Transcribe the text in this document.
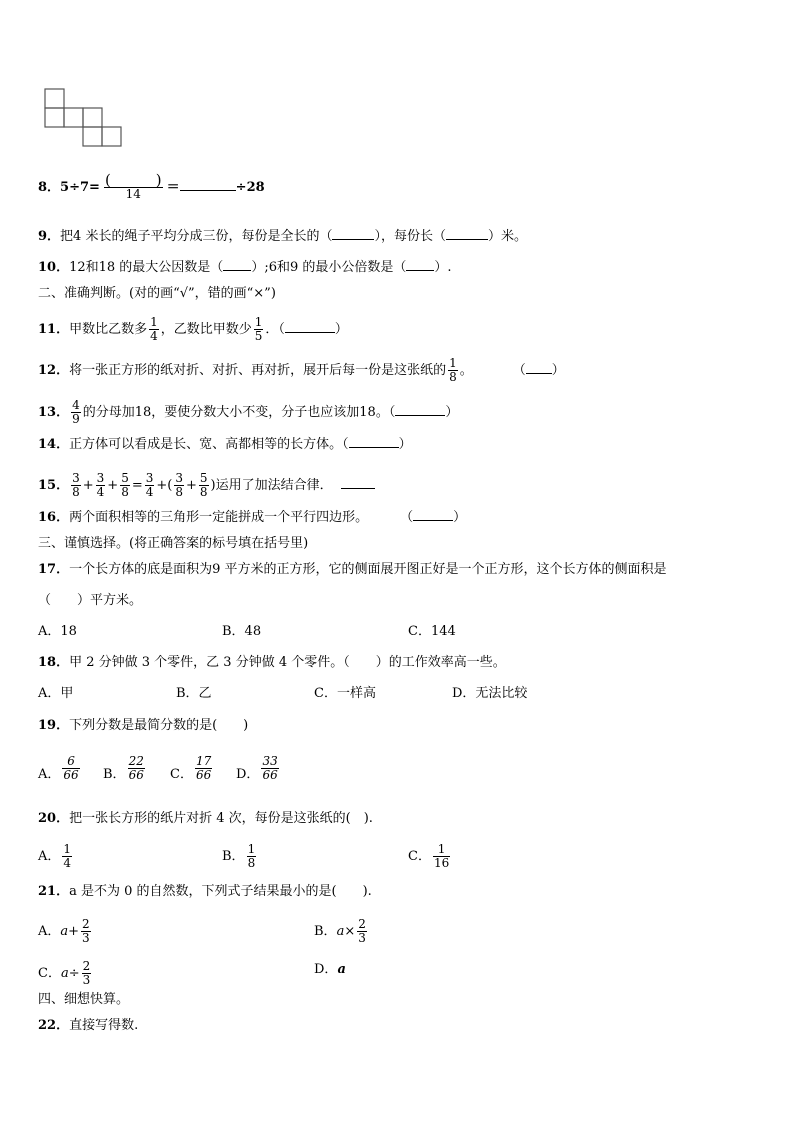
8．$5\div 7= \frac{( )}{14}$ ＝	÷28
9．把4 米长的绳子平均分成三份，每份是全长的（	），每份长（	）米。
10．12和18 的最大公因数是（ ）;6和9 的最小公倍数是（ ）.
二、准确判断。(对的画“√”，错的画“×”)
11．甲数比乙数多 $\frac{1}{4}$ ，乙数比甲数少 $\frac{1}{5}$ ．（	）
12．将一张正方形的纸对折、对折、再对折，展开后每一份是这张纸的 $\frac{1}{8}$ 。	（ ）
13． $\frac{4}{9}$ 的分母加18，要使分数大小不变，分子也应该加18。（	）
14．正方体可以看成是长、宽、高都相等的长方体。（	）
15． $\frac{3}{8} + \frac{3}{4} + \frac{5}{8} = \frac{3}{4}$ +( $\frac{3}{8} + \frac{5}{8}$ )运用了加法结合律．
16．两个面积相等的三角形一定能拼成一个平行四边形。 （	）
三、谨慎选择。(将正确答案的标号填在括号里)
17．一个长方体的底是面积为9 平方米的正方形，它的侧面展开图正好是一个正方形，这个长方体的侧面积是
（　　）平方米。
A．18	B．48	C．144
18．甲 2 分钟做 3 个零件，乙 3 分钟做 4 个零件。（　　）的工作效率高一些。
A．甲	B．乙	C．一样高	D．无法比较
19．下列分数是最简分数的是(　　)
A． $\frac{6}{66}$ B． $\frac{22}{66}$ C． $\frac{17}{66}$ D． $\frac{33}{66}$
20．把一张长方形的纸片对折 4 次，每份是这张纸的(　).
A． $\frac{1}{4}$	B． $\frac{1}{8}$	C． $\frac{1}{16}$
21．a 是不为 0 的自然数，下列式子结果最小的是(　　).
A．$a+ \frac{2}{3}$	B．$a\times \frac{2}{3}$
C．$a\div \frac{2}{3}$	D．a
四、细想快算。
22．直接写得数.
